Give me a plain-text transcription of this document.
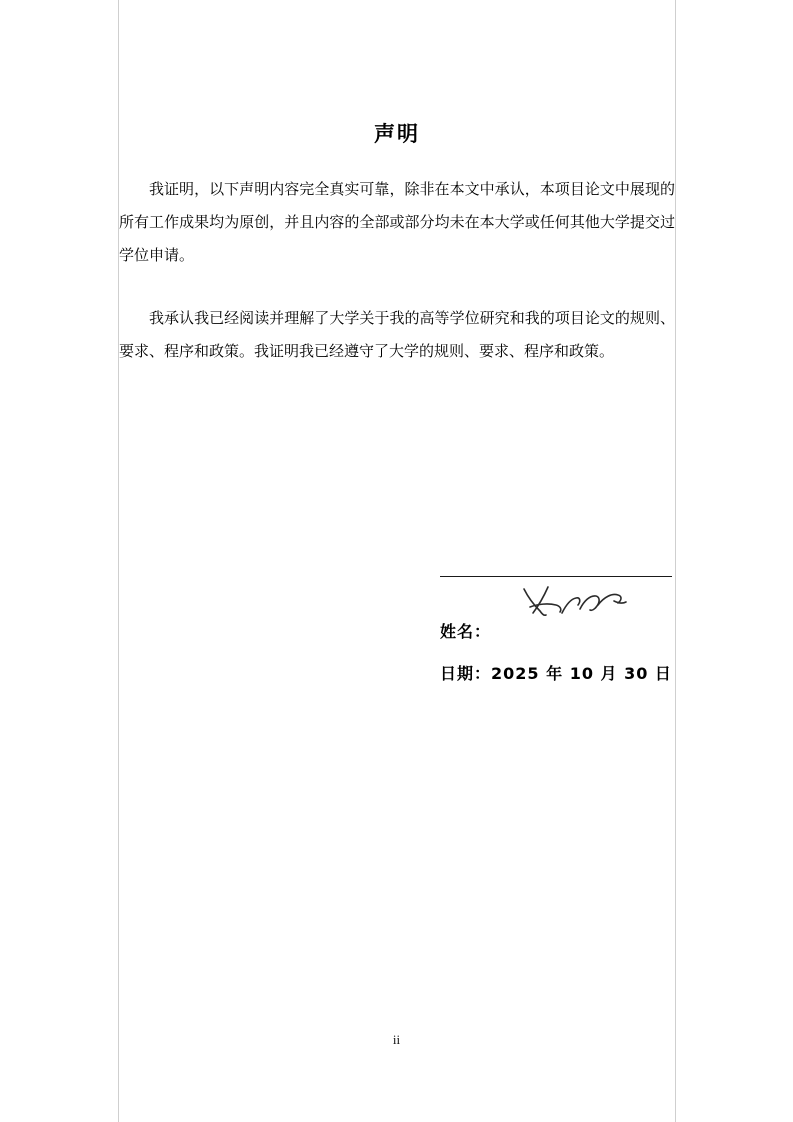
声明

我证明，以下声明内容完全真实可靠，除非在本文中承认，本项目论文中展现的所有工作成果均为原创，并且内容的全部或部分均未在本大学或任何其他大学提交过学位申请。

我承认我已经阅读并理解了大学关于我的高等学位研究和我的项目论文的规则、要求、程序和政策。我证明我已经遵守了大学的规则、要求、程序和政策。

姓名：
日期：2025 年 10 月 30 日
ii
